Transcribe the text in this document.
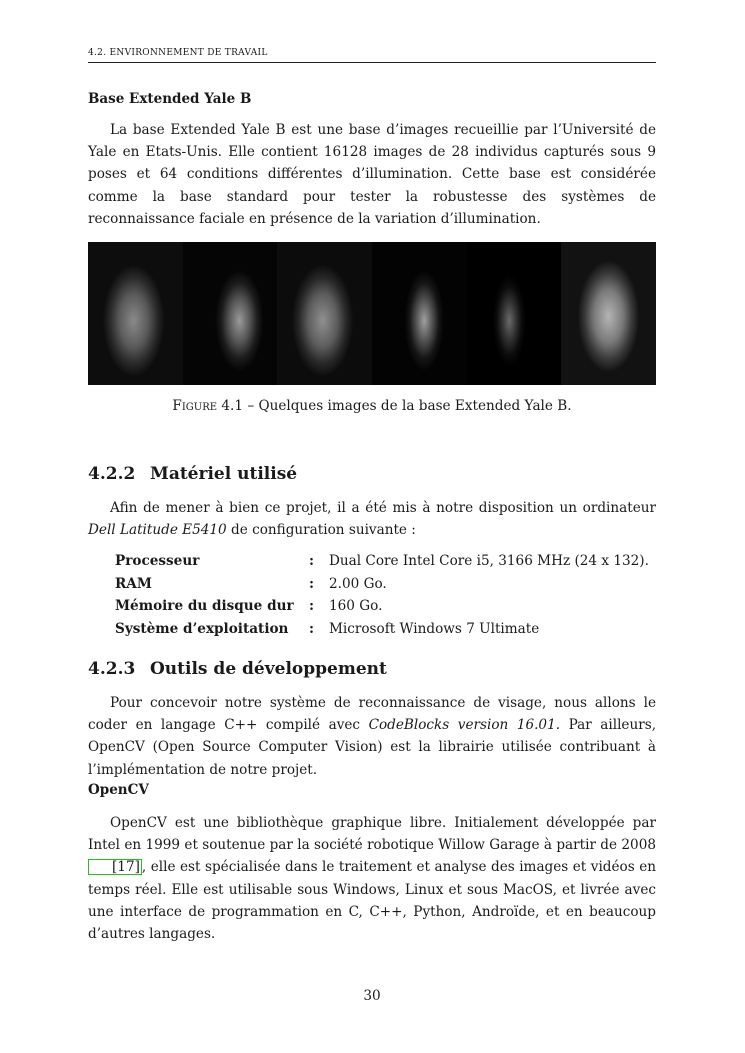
4.2. ENVIRONNEMENT DE TRAVAIL
Base Extended Yale B

La base Extended Yale B est une base d’images recueillie par l’Université de Yale en Etats-Unis. Elle contient 16128 images de 28 individus capturés sous 9 poses et 64 conditions différentes d’illumination. Cette base est considérée comme la base standard pour tester la robustesse des systèmes de reconnaissance faciale en présence de la variation d’illumination.

Figure 4.1 – Quelques images de la base Extended Yale B.
4.2.2 Matériel utilisé

Afin de mener à bien ce projet, il a été mis à notre disposition un ordinateur Dell Latitude E5410 de configuration suivante :

Processeur	: Dual Core Intel Core i5, 3166 MHz (24 x 132).
RAM	: 2.00 Go.
Mémoire du disque dur : 160 Go.
Système d’exploitation : Microsoft Windows 7 Ultimate
4.2.3 Outils de développement

Pour concevoir notre système de reconnaissance de visage, nous allons le coder en langage C++ compilé avec CodeBlocks version 16.01. Par ailleurs, OpenCV (Open Source Computer Vision) est la librairie utilisée contribuant à l’implémentation de notre projet.

OpenCV

OpenCV est une bibliothèque graphique libre. Initialement développée par Intel en 1999 et soutenue par la société robotique Willow Garage à partir de 2008 [17] , elle est spécialisée dans le traitement et analyse des images et vidéos en temps réel. Elle est utilisable sous Windows, Linux et sous MacOS, et livrée avec une interface de programmation en C, C++, Python, Androïde, et en beaucoup d’autres langages.

30
